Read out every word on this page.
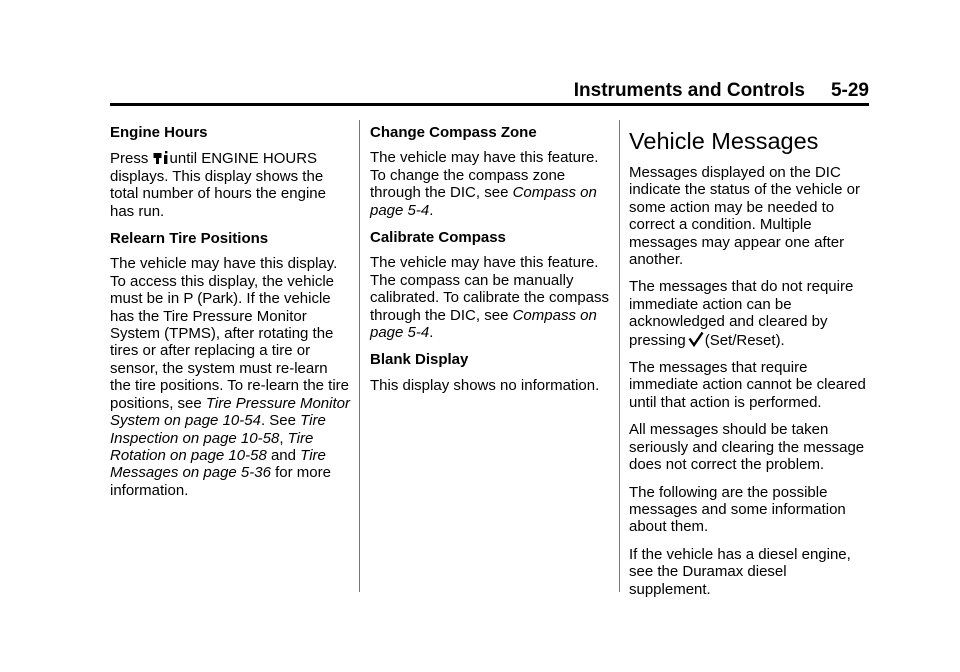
Instruments and Controls 5-29

Engine Hours

Press until ENGINE HOURS displays. This display shows the total number of hours the engine has run.

Relearn Tire Positions

The vehicle may have this display. To access this display, the vehicle must be in P (Park). If the vehicle has the Tire Pressure Monitor System (TPMS), after rotating the tires or after replacing a tire or sensor, the system must re-learn the tire positions. To re-learn the tire positions, see Tire Pressure Monitor System on page 10-54. See Tire Inspection on page 10-58, Tire Rotation on page 10-58 and Tire Messages on page 5-36 for more information.

Change Compass Zone

The vehicle may have this feature. To change the compass zone through the DIC, see Compass on page 5-4.

Calibrate Compass

The vehicle may have this feature. The compass can be manually calibrated. To calibrate the compass through the DIC, see Compass on page 5-4.

Blank Display

This display shows no information.

Vehicle Messages

Messages displayed on the DIC indicate the status of the vehicle or some action may be needed to correct a condition. Multiple messages may appear one after another.

The messages that do not require immediate action can be acknowledged and cleared by pressing (Set/Reset).

The messages that require immediate action cannot be cleared until that action is performed.

All messages should be taken seriously and clearing the message does not correct the problem.

The following are the possible messages and some information about them.

If the vehicle has a diesel engine, see the Duramax diesel supplement.
